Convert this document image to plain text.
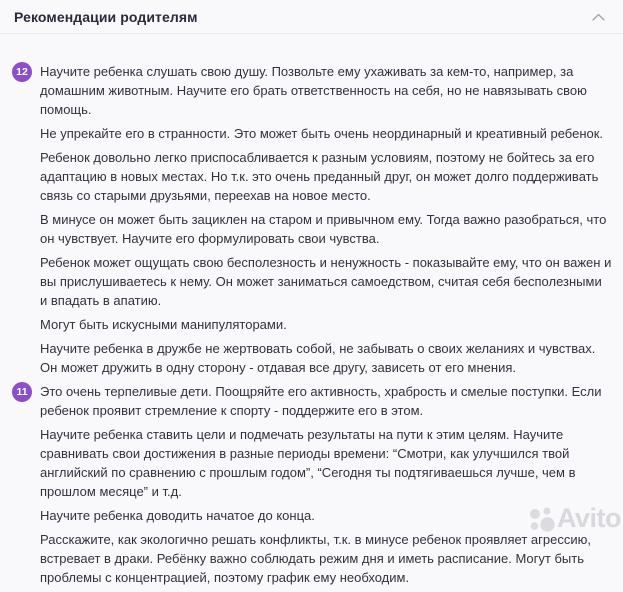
Рекомендации родителям
12 Научите ребенка слушать свою душу. Позвольте ему ухаживать за кем-то, например, за домашним животным. Научите его брать ответственность на себя, но не навязывать свою помощь.

Не упрекайте его в странности. Это может быть очень неординарный и креативный ребенок.

Ребенок довольно легко приспосабливается к разным условиям, поэтому не бойтесь за его адаптацию в новых местах. Но т.к. это очень преданный друг, он может долго поддерживать связь со старыми друзьями, переехав на новое место.

В минусе он может быть зациклен на старом и привычном ему. Тогда важно разобраться, что он чувствует. Научите его формулировать свои чувства.

Ребенок может ощущать свою бесполезность и ненужность - показывайте ему, что он важен и вы прислушиваетесь к нему. Он может заниматься самоедством, считая себя бесполезными и впадать в апатию.

Могут быть искусными манипуляторами.

Научите ребенка в дружбе не жертвовать собой, не забывать о своих желаниях и чувствах. Он может дружить в одну сторону - отдавая все другу, зависеть от его мнения.

11 Это очень терпеливые дети. Поощряйте его активность, храбрость и смелые поступки. Если ребенок проявит стремление к спорту - поддержите его в этом.

Научите ребенка ставить цели и подмечать результаты на пути к этим целям. Научите сравнивать свои достижения в разные периоды времени: “Смотри, как улучшился твой английский по сравнению с прошлым годом”, “Сегодня ты подтягиваешься лучше, чем в прошлом месяце” и т.д.

Научите ребенка доводить начатое до конца.

Расскажите, как экологично решать конфликты, т.к. в минусе ребенок проявляет агрессию, встревает в драки. Ребёнку важно соблюдать режим дня и иметь расписание. Могут быть проблемы с концентрацией, поэтому график ему необходим.

Avito
